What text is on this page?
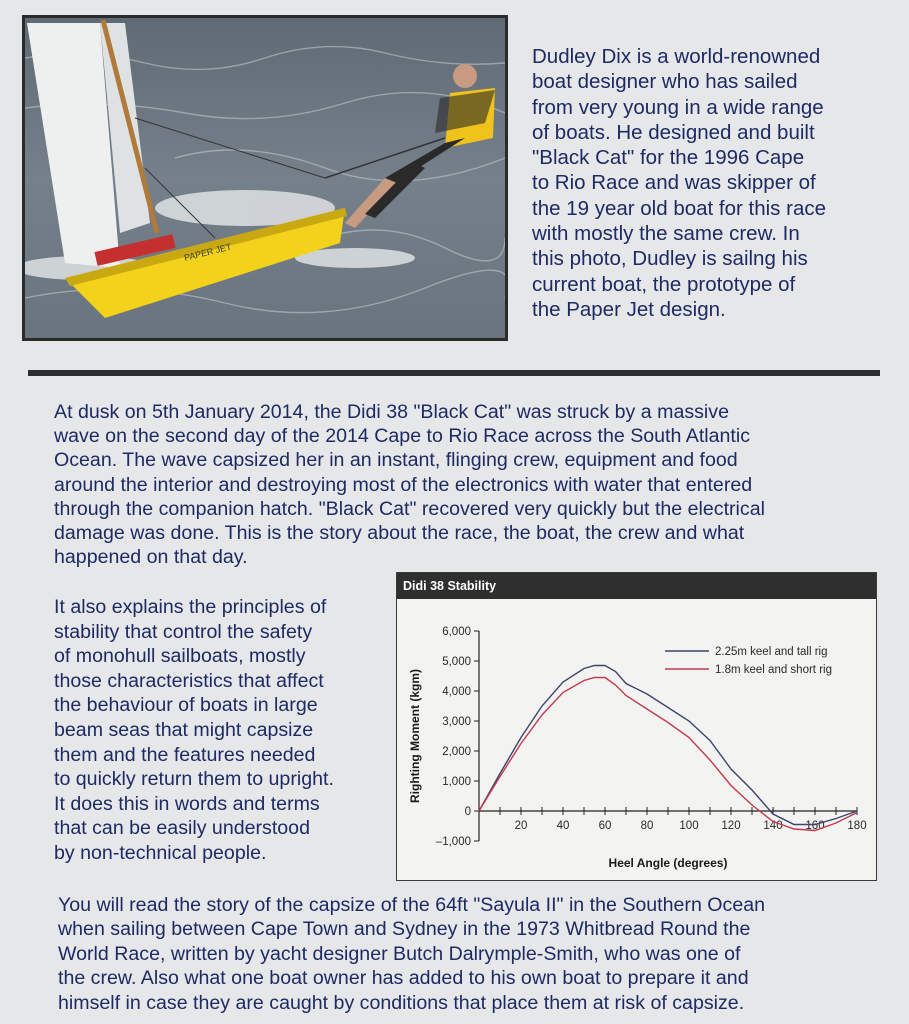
PAPER JET
Dudley Dix is a world-renowned
boat designer who has sailed
from very young in a wide range
of boats. He designed and built
"Black Cat" for the 1996 Cape
to Rio Race and was skipper of
the 19 year old boat for this race
with mostly the same crew. In
this photo, Dudley is sailng his
current boat, the prototype of
the Paper Jet design.
At dusk on 5th January 2014, the Didi 38 "Black Cat" was struck by a massive
wave on the second day of the 2014 Cape to Rio Race across the South Atlantic
Ocean. The wave capsized her in an instant, flinging crew, equipment and food
around the interior and destroying most of the electronics with water that entered
through the companion hatch. "Black Cat" recovered very quickly but the electrical
damage was done. This is the story about the race, the boat, the crew and what
happened on that day.
It also explains the principles of
stability that control the safety
of monohull sailboats, mostly
those characteristics that affect
the behaviour of boats in large
beam seas that might capsize
them and the features needed
to quickly return them to upright.
It does this in words and terms
that can be easily understood
by non-technical people.
Didi 38 Stability
6,000
5,000
4,000
3,000
2,000
1,000
0
–1,000
20	40	60	80 100 120 140 160 180
2.25m keel and tall rig
1.8m keel and short rig
Heel Angle (degrees)
Righting Moment (kgm)
You will read the story of the capsize of the 64ft "Sayula II" in the Southern Ocean
when sailing between Cape Town and Sydney in the 1973 Whitbread Round the
World Race, written by yacht designer Butch Dalrymple-Smith, who was one of
the crew. Also what one boat owner has added to his own boat to prepare it and
himself in case they are caught by conditions that place them at risk of capsize.
